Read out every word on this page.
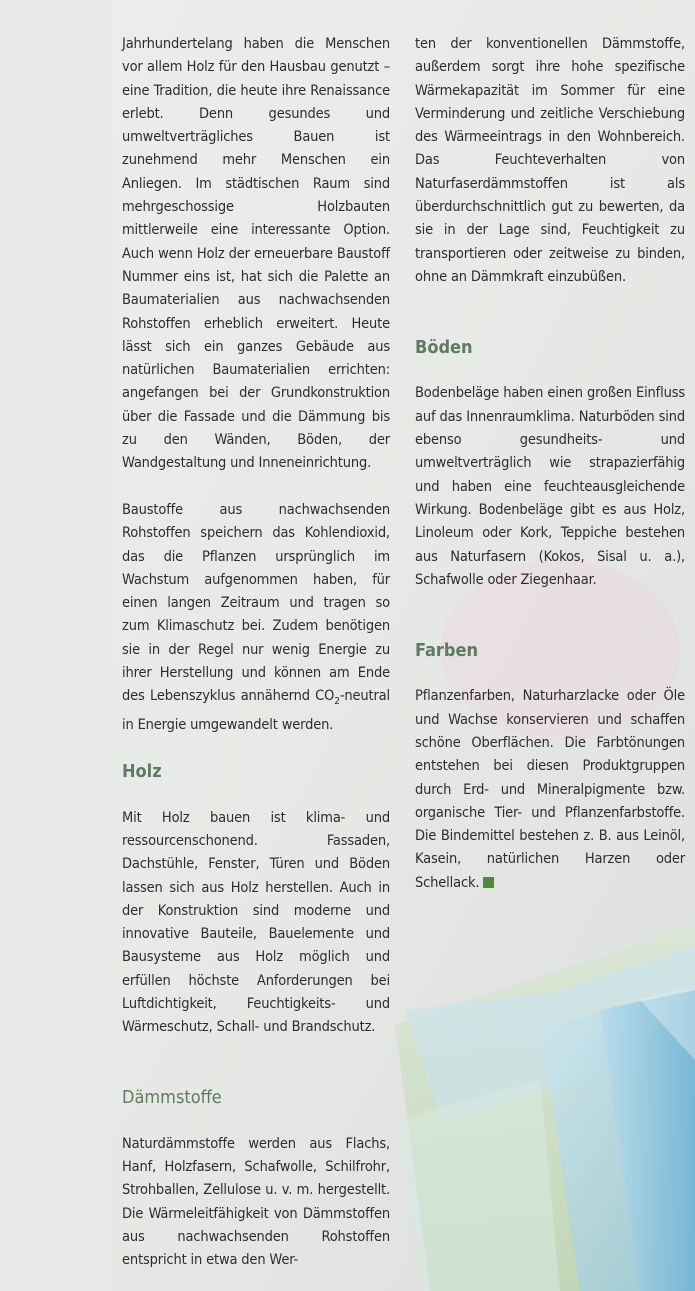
Jahrhundertelang haben die Menschen vor allem Holz für den Hausbau genutzt – eine Tradition, die heute ihre Renaissance erlebt. Denn gesundes und umweltverträgliches Bauen ist zunehmend mehr Menschen ein Anliegen. Im städtischen Raum sind mehrgeschossige Holzbauten mittlerweile eine interessante Option. Auch wenn Holz der erneuerbare Baustoff Nummer eins ist, hat sich die Palette an Baumaterialien aus nachwachsenden Rohstoffen erheblich erweitert. Heute lässt sich ein ganzes Gebäude aus natürlichen Baumaterialien errichten: angefangen bei der Grundkonstruktion über die Fassade und die Dämmung bis zu den Wänden, Böden, der Wandgestaltung und Inneneinrichtung.

Baustoffe aus nachwachsenden Rohstoffen speichern das Kohlendioxid, das die Pflanzen ursprünglich im Wachstum aufgenommen haben, für einen langen Zeitraum und tragen so zum Klimaschutz bei. Zudem benötigen sie in der Regel nur wenig Energie zu ihrer Herstellung und können am Ende des Lebenszyklus annähernd $CO_2$-neutral in Energie umgewandelt werden.

Holz

Mit Holz bauen ist klima- und ressourcenschonend. Fassaden, Dachstühle, Fenster, Türen und Böden lassen sich aus Holz herstellen. Auch in der Konstruktion sind moderne und innovative Bauteile, Bauelemente und Bausysteme aus Holz möglich und erfüllen höchste Anforderungen bei Luftdichtigkeit, Feuchtigkeits- und Wärmeschutz, Schall- und Brandschutz.

Dämmstoffe

Naturdämmstoffe werden aus Flachs, Hanf, Holzfasern, Schafwolle, Schilfrohr, Strohballen, Zellulose u. v. m. hergestellt. Die Wärmeleitfähigkeit von Dämmstoffen aus nachwachsenden Rohstoffen entspricht in etwa den Wer-

ten der konventionellen Dämmstoffe, außerdem sorgt ihre hohe spezifische Wärmekapazität im Sommer für eine Verminderung und zeitliche Verschiebung des Wärmeeintrags in den Wohnbereich. Das Feuchteverhalten von Naturfaserdämmstoffen ist als überdurchschnittlich gut zu bewerten, da sie in der Lage sind, Feuchtigkeit zu transportieren oder zeitweise zu binden, ohne an Dämmkraft einzubüßen.

Böden

Bodenbeläge haben einen großen Einfluss auf das Innenraumklima. Naturböden sind ebenso gesundheits- und umweltverträglich wie strapazierfähig und haben eine feuchteausgleichende Wirkung. Bodenbeläge gibt es aus Holz, Linoleum oder Kork, Teppiche bestehen aus Naturfasern (Kokos, Sisal u. a.), Schafwolle oder Ziegenhaar.

Farben

Pflanzenfarben, Naturharzlacke oder Öle und Wachse konservieren und schaffen schöne Oberflächen. Die Farbtönungen entstehen bei diesen Produktgruppen durch Erd- und Mineralpigmente bzw. organische Tier- und Pflanzenfarbstoffe. Die Bindemittel bestehen z. B. aus Leinöl, Kasein, natürlichen Harzen oder Schellack.
